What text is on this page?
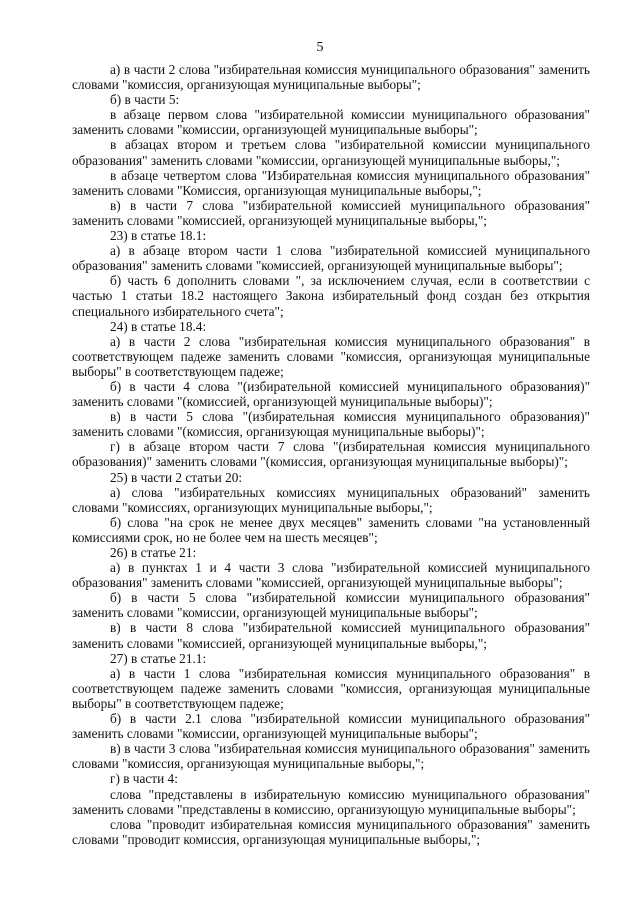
5

а) в части 2 слова "избирательная комиссия муниципального образования" заменить словами "комиссия, организующая муниципальные выборы";

б) в части 5:

в абзаце первом слова "избирательной комиссии муниципального образования" заменить словами "комиссии, организующей муниципальные выборы";

в абзацах втором и третьем слова "избирательной комиссии муниципального образования" заменить словами "комиссии, организующей муниципальные выборы,";

в абзаце четвертом слова "Избирательная комиссия муниципального образования" заменить словами "Комиссия, организующая муниципальные выборы,";

в) в части 7 слова "избирательной комиссией муниципального образования" заменить словами "комиссией, организующей муниципальные выборы,";

23) в статье 18.1:

а) в абзаце втором части 1 слова "избирательной комиссией муниципального образования" заменить словами "комиссией, организующей муниципальные выборы";

б) часть 6 дополнить словами ", за исключением случая, если в соответствии с частью 1 статьи 18.2 настоящего Закона избирательный фонд создан без открытия специального избирательного счета";

24) в статье 18.4:

а) в части 2 слова "избирательная комиссия муниципального образования" в соответствующем падеже заменить словами "комиссия, организующая муниципальные выборы" в соответствующем падеже;

б) в части 4 слова "(избирательной комиссией муниципального образования)" заменить словами "(комиссией, организующей муниципальные выборы)";

в) в части 5 слова "(избирательная комиссия муниципального образования)" заменить словами "(комиссия, организующая муниципальные выборы)";

г) в абзаце втором части 7 слова "(избирательная комиссия муниципального образования)" заменить словами "(комиссия, организующая муниципальные выборы)";

25) в части 2 статьи 20:

а) слова "избирательных комиссиях муниципальных образований" заменить словами "комиссиях, организующих муниципальные выборы,";

б) слова "на срок не менее двух месяцев" заменить словами "на установленный комиссиями срок, но не более чем на шесть месяцев";

26) в статье 21:

а) в пунктах 1 и 4 части 3 слова "избирательной комиссией муниципального образования" заменить словами "комиссией, организующей муниципальные выборы";

б) в части 5 слова "избирательной комиссии муниципального образования" заменить словами "комиссии, организующей муниципальные выборы";

в) в части 8 слова "избирательной комиссией муниципального образования" заменить словами "комиссией, организующей муниципальные выборы,";

27) в статье 21.1:

а) в части 1 слова "избирательная комиссия муниципального образования" в соответствующем падеже заменить словами "комиссия, организующая муниципальные выборы" в соответствующем падеже;

б) в части 2.1 слова "избирательной комиссии муниципального образования" заменить словами "комиссии, организующей муниципальные выборы";

в) в части 3 слова "избирательная комиссия муниципального образования" заменить словами "комиссия, организующая муниципальные выборы,";

г) в части 4:

слова "представлены в избирательную комиссию муниципального образования" заменить словами "представлены в комиссию, организующую муниципальные выборы";

слова "проводит избирательная комиссия муниципального образования" заменить словами "проводит комиссия, организующая муниципальные выборы,";
